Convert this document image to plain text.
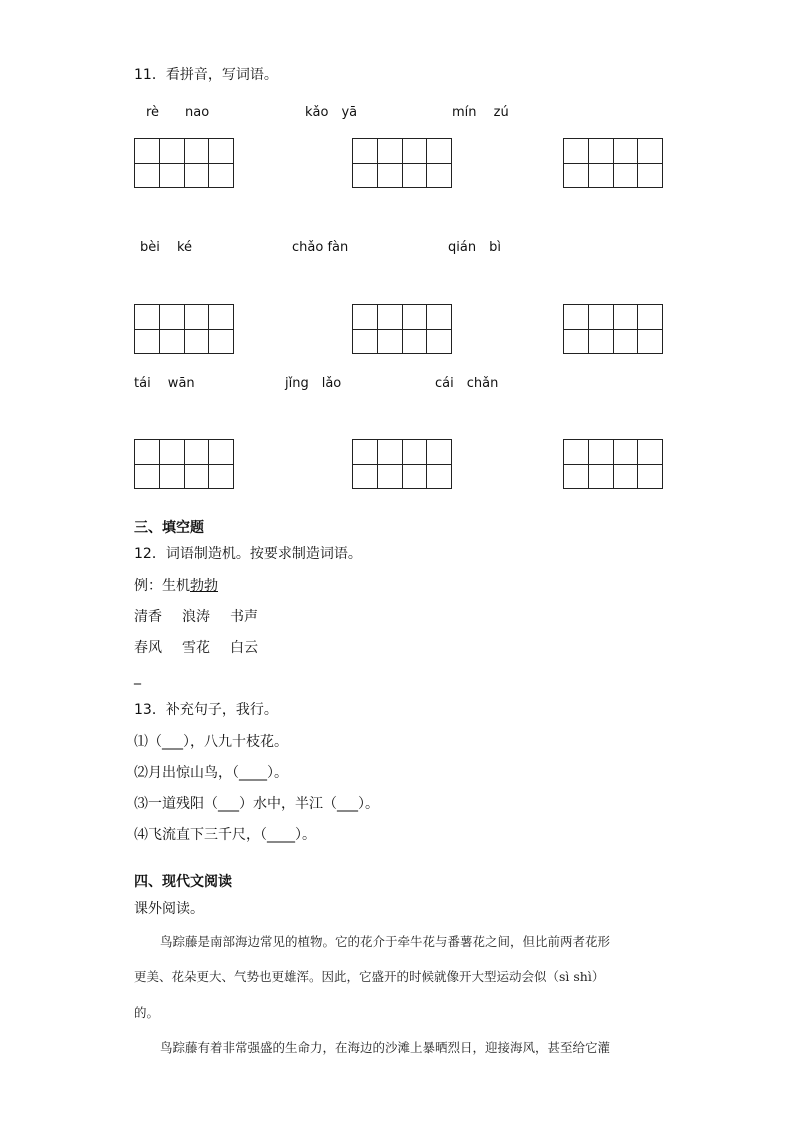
11．看拼音，写词语。
rè　　nao	kǎo　yā	mín　 zú
bèi　 ké	chǎo fàn	qián　bì
tái　 wān	jǐng　lǎo	cái　chǎn
三、填空题
12．词语制造机。按要求制造词语。
例：生机勃勃
清香 浪涛 书声
春风 雪花 白云
_
13．补充句子，我行。
⑴（___），八九十枝花。
⑵月出惊山鸟，（____）。
⑶一道残阳（___）水中，半江（___）。
⑷飞流直下三千尺，（____）。
四、现代文阅读
课外阅读。
鸟踪藤是南部海边常见的植物。它的花介于牵牛花与番薯花之间，但比前两者花形
更美、花朵更大、气势也更雄浑。因此，它盛开的时候就像开大型运动会似（sì shì）
的。
鸟踪藤有着非常强盛的生命力，在海边的沙滩上暴晒烈日，迎接海风，甚至给它灌
